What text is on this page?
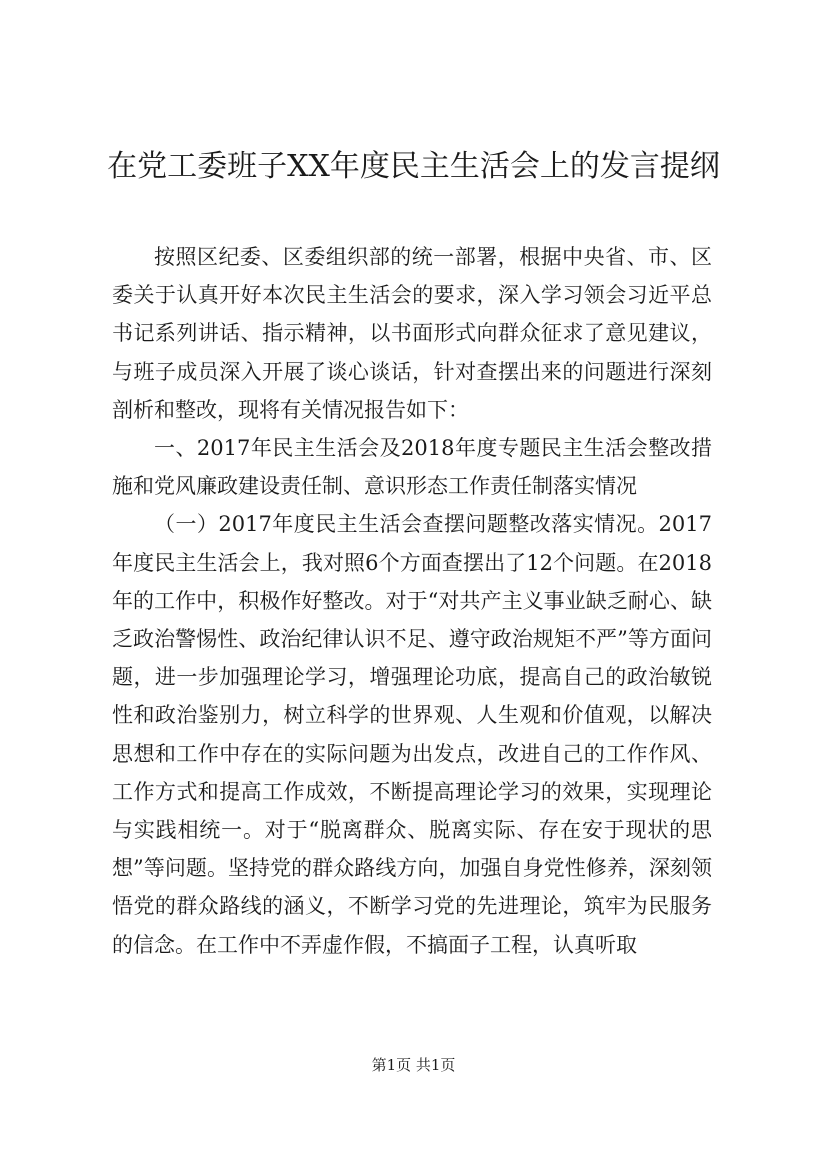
在党工委班子XX年度民主生活会上的发言提纲

按照区纪委、区委组织部的统一部署，根据中央省、市、区委关于认真开好本次民主生活会的要求，深入学习领会习近平总书记系列讲话、指示精神，以书面形式向群众征求了意见建议，与班子成员深入开展了谈心谈话，针对查摆出来的问题进行深刻剖析和整改，现将有关情况报告如下：

一、2017年民主生活会及2018年度专题民主生活会整改措施和党风廉政建设责任制、意识形态工作责任制落实情况

（一）2017年度民主生活会查摆问题整改落实情况。2017年度民主生活会上，我对照6个方面查摆出了12个问题。在2018年的工作中，积极作好整改。对于“对共产主义事业缺乏耐心、缺乏政治警惕性、政治纪律认识不足、遵守政治规矩不严”等方面问题，进一步加强理论学习，增强理论功底，提高自己的政治敏锐性和政治鉴别力，树立科学的世界观、人生观和价值观，以解决思想和工作中存在的实际问题为出发点，改进自己的工作作风、工作方式和提高工作成效，不断提高理论学习的效果，实现理论与实践相统一。对于“脱离群众、脱离实际、存在安于现状的思想”等问题。坚持党的群众路线方向，加强自身党性修养，深刻领悟党的群众路线的涵义，不断学习党的先进理论，筑牢为民服务的信念。在工作中不弄虚作假，不搞面子工程，认真听取

第1页 共1页
